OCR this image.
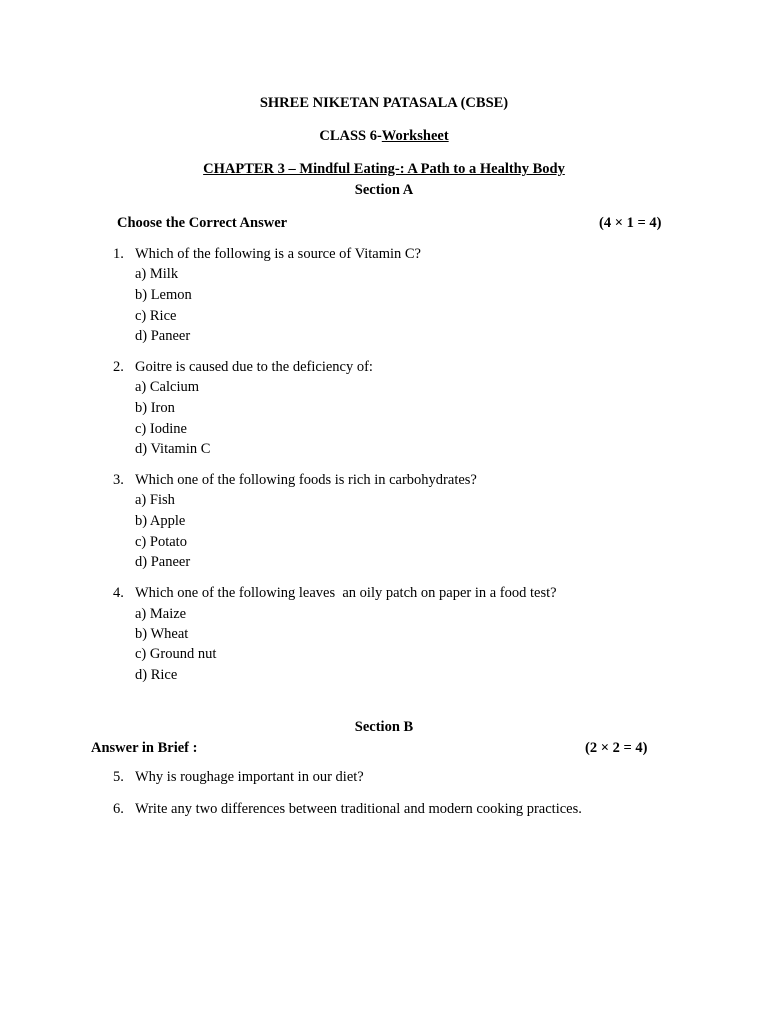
SHREE NIKETAN PATASALA (CBSE)
CLASS 6-Worksheet
CHAPTER 3 – Mindful Eating-: A Path to a Healthy Body
Section A
Choose the Correct Answer	(4 × 1 = 4)
1. Which of the following is a source of Vitamin C?
a) Milk
b) Lemon
c) Rice
d) Paneer
2. Goitre is caused due to the deficiency of:
a) Calcium
b) Iron
c) Iodine
d) Vitamin C
3. Which one of the following foods is rich in carbohydrates?
a) Fish
b) Apple
c) Potato
d) Paneer
4. Which one of the following leaves  an oily patch on paper in a food test?
a) Maize
b) Wheat
c) Ground nut
d) Rice
Section B
Answer in Brief :	(2 × 2 = 4)
5. Why is roughage important in our diet?
6. Write any two differences between traditional and modern cooking practices.
